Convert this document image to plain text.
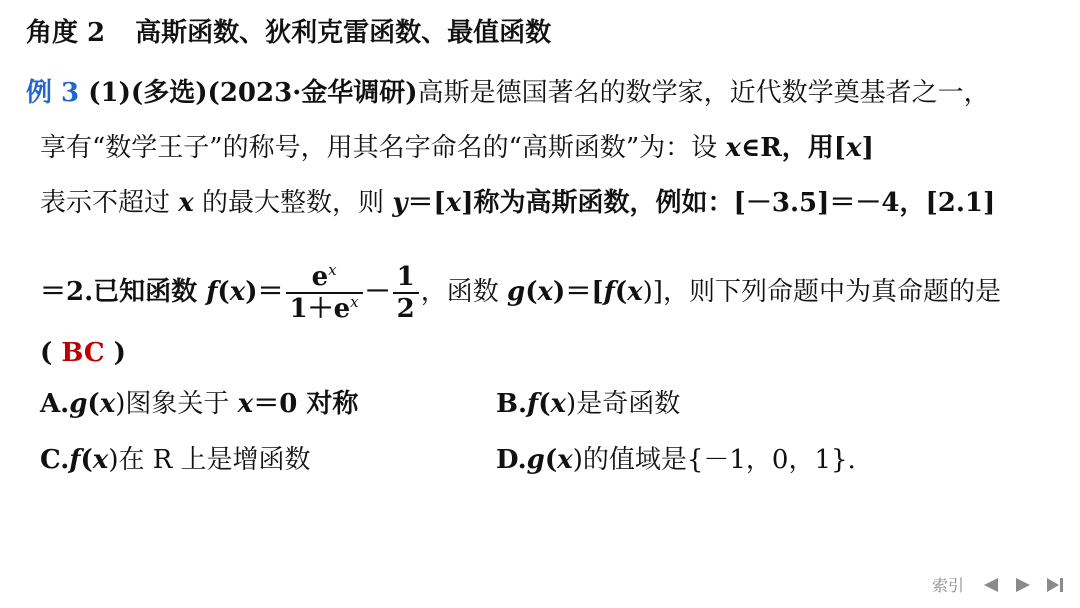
角度 2 高斯函数、狄利克雷函数、最值函数
例 3 (1)(多选)(2023·金华调研)高斯是德国著名的数学家，近代数学奠基者之一，
享有“数学王子”的称号，用其名字命名的“高斯函数”为：设 x∈R，用[x]
表示不超过 x 的最大整数，则 y＝[x]称为高斯函数，例如：[－3.5]＝－4，[2.1]
＝2.已知函数 $f(x)= \frac{e^x}{1+e^x} - \frac{1}{2}$ ，函数 g(x)＝[f(x)]，则下列命题中为真命题的是
( BC )
A.g(x)图象关于 x＝0 对称	B.f(x)是奇函数
C.f(x)在 R 上是增函数	D.g(x)的值域是{－1，0，1}.
索引
